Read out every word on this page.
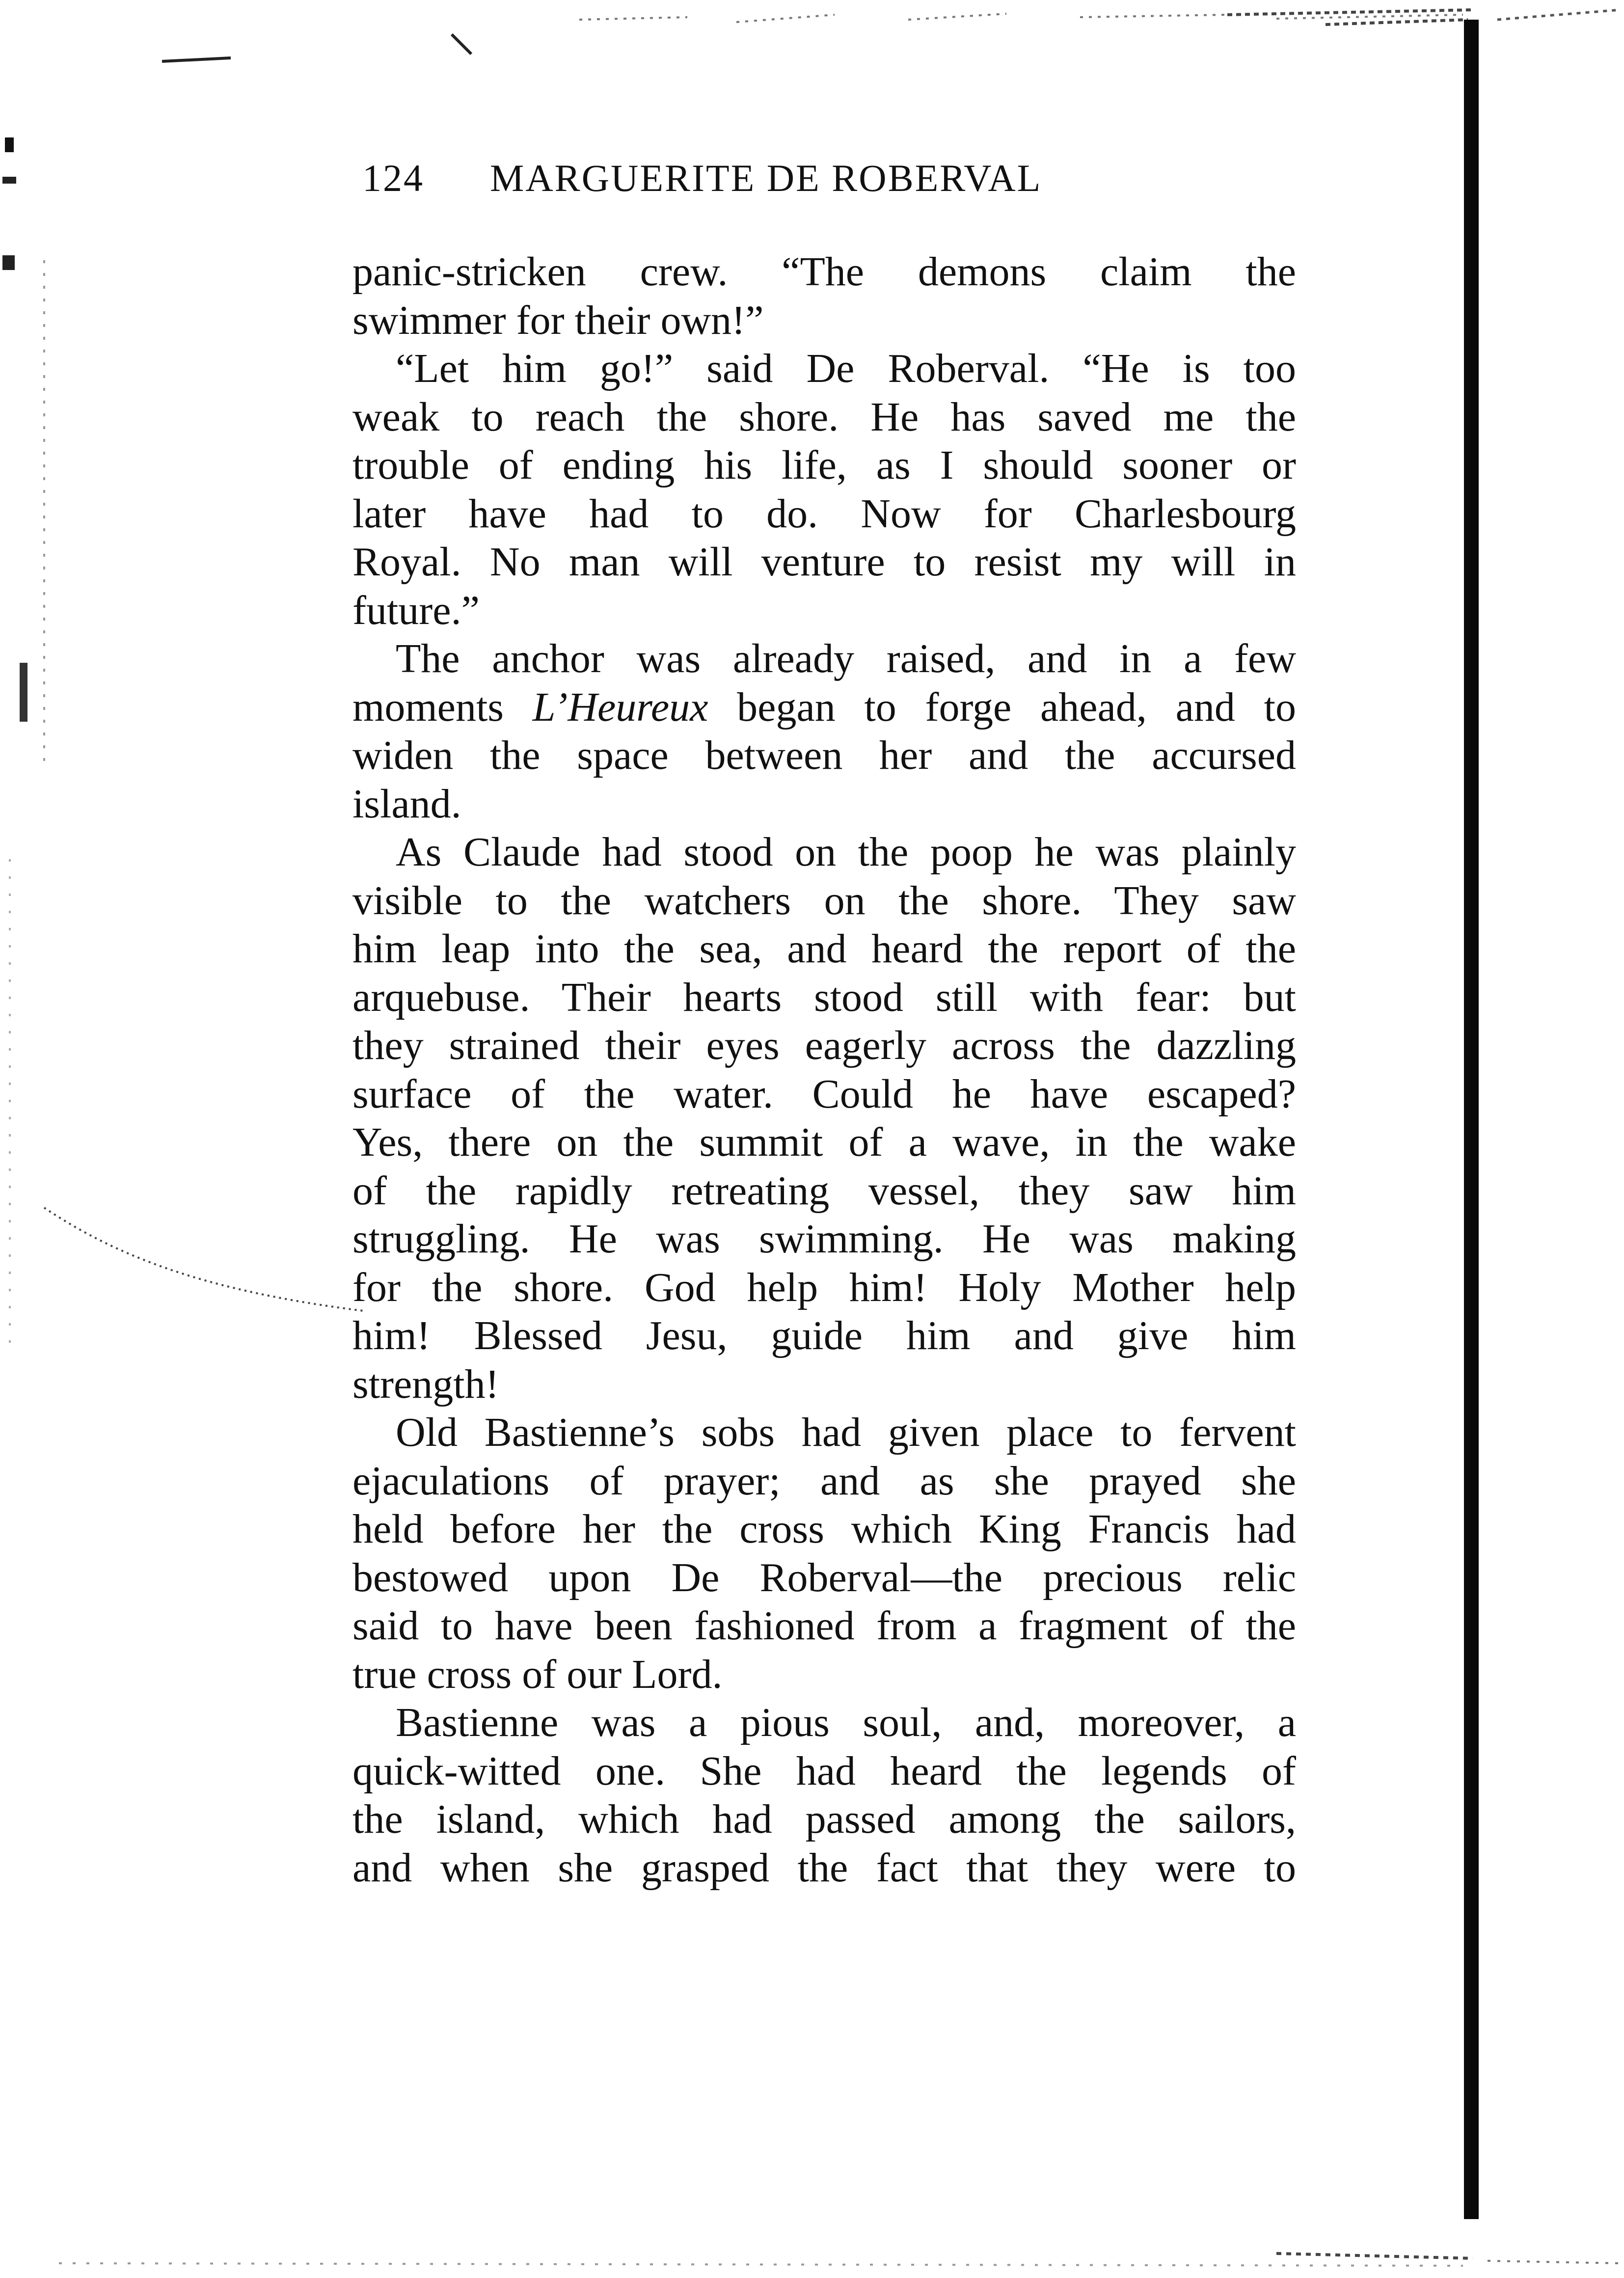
124 MARGUERITE DE ROBERVAL
panic-stricken crew. “The demons claim the
swimmer for their own!”
“Let him go!” said De Roberval. “He is too
weak to reach the shore. He has saved me the
trouble of ending his life, as I should sooner or
later have had to do. Now for Charlesbourg
Royal. No man will venture to resist my will in
future.”
The anchor was already raised, and in a few
moments L’Heureux began to forge ahead, and to
widen the space between her and the accursed
island.
As Claude had stood on the poop he was plainly
visible to the watchers on the shore. They saw
him leap into the sea, and heard the report of the
arquebuse. Their hearts stood still with fear: but
they strained their eyes eagerly across the dazzling
surface of the water. Could he have escaped?
Yes, there on the summit of a wave, in the wake
of the rapidly retreating vessel, they saw him
struggling. He was swimming. He was making
for the shore. God help him! Holy Mother help
him! Blessed Jesu, guide him and give him
strength!
Old Bastienne’s sobs had given place to fervent
ejaculations of prayer; and as she prayed she
held before her the cross which King Francis had
bestowed upon De Roberval—the precious relic
said to have been fashioned from a fragment of the
true cross of our Lord.
Bastienne was a pious soul, and, moreover, a
quick-witted one. She had heard the legends of
the island, which had passed among the sailors,
and when she grasped the fact that they were to
